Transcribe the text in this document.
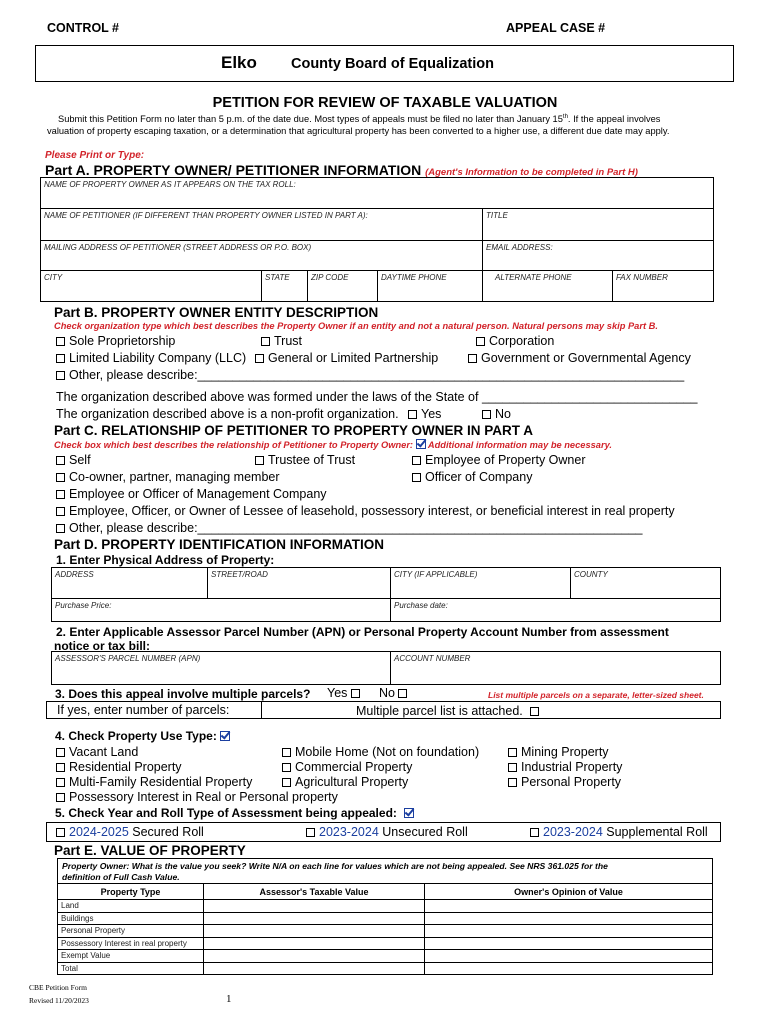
CONTROL #	APPEAL CASE #
Elko County Board of Equalization
PETITION FOR REVIEW OF TAXABLE VALUATION
Submit this Petition Form no later than 5 p.m. of the date due. Most types of appeals must be filed no later than January 15th. If the appeal involves
valuation of property escaping taxation, or a determination that agricultural property has been converted to a higher use, a different due date may apply.
Please Print or Type:
Part A. PROPERTY OWNER/ PETITIONER INFORMATION (Agent's Information to be completed in Part H)
NAME OF PROPERTY OWNER AS IT APPEARS ON THE TAX ROLL:
NAME OF PETITIONER (IF DIFFERENT THAN PROPERTY OWNER LISTED IN PART A):	TITLE
MAILING ADDRESS OF PETITIONER (STREET ADDRESS OR P.O. BOX)	EMAIL ADDRESS:
CITY	STATE	ZIP CODE	DAYTIME PHONE	ALTERNATE PHONE	FAX NUMBER
Part B. PROPERTY OWNER ENTITY DESCRIPTION
Check organization type which best describes the Property Owner if an entity and not a natural person. Natural persons may skip Part B.
Sole Proprietorship	Trust	Corporation
Limited Liability Company (LLC)	General or Limited Partnership	Government or Governmental Agency
Other, please describe:______________________________________________________________________
The organization described above was formed under the laws of the State of _______________________________
The organization described above is a non-profit organization.	Yes	No
Part C. RELATIONSHIP OF PETITIONER TO PROPERTY OWNER IN PART A
Check box which best describes the relationship of Petitioner to Property Owner: Additional information may be necessary.
Self	Trustee of Trust	Employee of Property Owner
Co-owner, partner, managing member	Officer of Company
Employee or Officer of Management Company
Employee, Officer, or Owner of Lessee of leasehold, possessory interest, or beneficial interest in real property
Other, please describe:________________________________________________________________
Part D. PROPERTY IDENTIFICATION INFORMATION
1. Enter Physical Address of Property:
ADDRESS	STREET/ROAD	CITY (IF APPLICABLE)	COUNTY
Purchase Price:	Purchase date:
2. Enter Applicable Assessor Parcel Number (APN) or Personal Property Account Number from assessment
notice or tax bill:
ASSESSOR'S PARCEL NUMBER (APN)	ACCOUNT NUMBER
3. Does this appeal involve multiple parcels? Yes	No	List multiple parcels on a separate, letter-sized sheet.
If yes, enter number of parcels:	Multiple parcel list is attached.
4. Check Property Use Type:
Vacant Land	Mobile Home (Not on foundation)	Mining Property
Residential Property	Commercial Property	Industrial Property
Multi-Family Residential Property	Agricultural Property	Personal Property
Possessory Interest in Real or Personal property
5. Check Year and Roll Type of Assessment being appealed:
2024-2025 Secured Roll	2023-2024 Unsecured Roll	2023-2024 Supplemental Roll
Part E. VALUE OF PROPERTY
Property Owner: What is the value you seek? Write N/A on each line for values which are not being appealed. See NRS 361.025 for the
definition of Full Cash Value.
Property Type	Assessor's Taxable Value	Owner's Opinion of Value
Land		
Buildings		
Personal Property		
Possessory Interest in real property		
Exempt Value		
Total		
CBE Petition Form
Revised 11/20/2023	1
